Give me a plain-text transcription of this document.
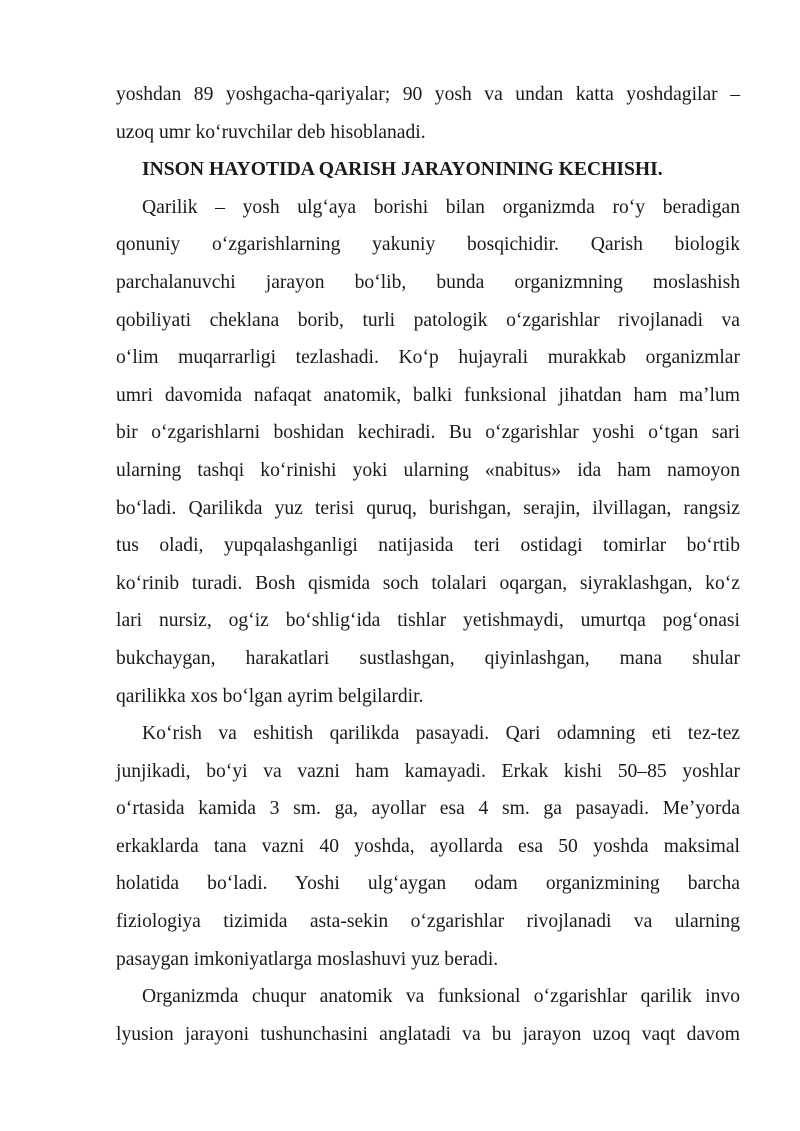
yoshdan 89 yoshgacha-qariyalar; 90 yosh va undan katta yoshdagilar –
uzoq umr koʻruvchilar deb hisoblanadi.
INSON HAYOTIDA QARISH JARAYONINING KECHISHI.
Qarilik – yosh ulgʻaya borishi bilan organizmda roʻy beradigan
qonuniy oʻzgarishlarning yakuniy bosqichidir. Qarish biologik
parchalanuvchi jarayon boʻlib, bunda organizmning moslashish
qobiliyati cheklana borib, turli patologik oʻzgarishlar rivojlanadi va
oʻlim muqarrarligi tezlashadi. Koʻp hujayrali murakkab organizmlar
umri davomida nafaqat anatomik, balki funksional jihatdan ham maʼlum
bir oʻzgarishlarni boshidan kechiradi. Bu oʻzgarishlar yoshi oʻtgan sari
ularning tashqi koʻrinishi yoki ularning «nabitus» ida ham namoyon
boʻladi. Qarilikda yuz terisi quruq, burishgan, serajin, ilvillagan, rangsiz
tus oladi, yupqalashganligi natijasida teri ostidagi tomirlar boʻrtib
koʻrinib turadi. Bosh qismida soch tolalari oqargan, siyraklashgan, koʻz
lari nursiz, ogʻiz boʻshligʻida tishlar yetishmaydi, umurtqa pogʻonasi
bukchaygan, harakatlari sustlashgan, qiyinlashgan, mana shular
qarilikka xos boʻlgan ayrim belgilardir.
Koʻrish va eshitish qarilikda pasayadi. Qari odamning eti tez-tez
junjikadi, boʻyi va vazni ham kamayadi. Erkak kishi 50–85 yoshlar
oʻrtasida kamida 3 sm. ga, ayollar esa 4 sm. ga pasayadi. Meʼyorda
erkaklarda tana vazni 40 yoshda, ayollarda esa 50 yoshda maksimal
holatida boʻladi. Yoshi ulgʻaygan odam organizmining barcha
fiziologiya tizimida asta-sekin oʻzgarishlar rivojlanadi va ularning
pasaygan imkoniyatlarga moslashuvi yuz beradi.
Organizmda chuqur anatomik va funksional oʻzgarishlar qarilik invo
lyusion jarayoni tushunchasini anglatadi va bu jarayon uzoq vaqt davom
